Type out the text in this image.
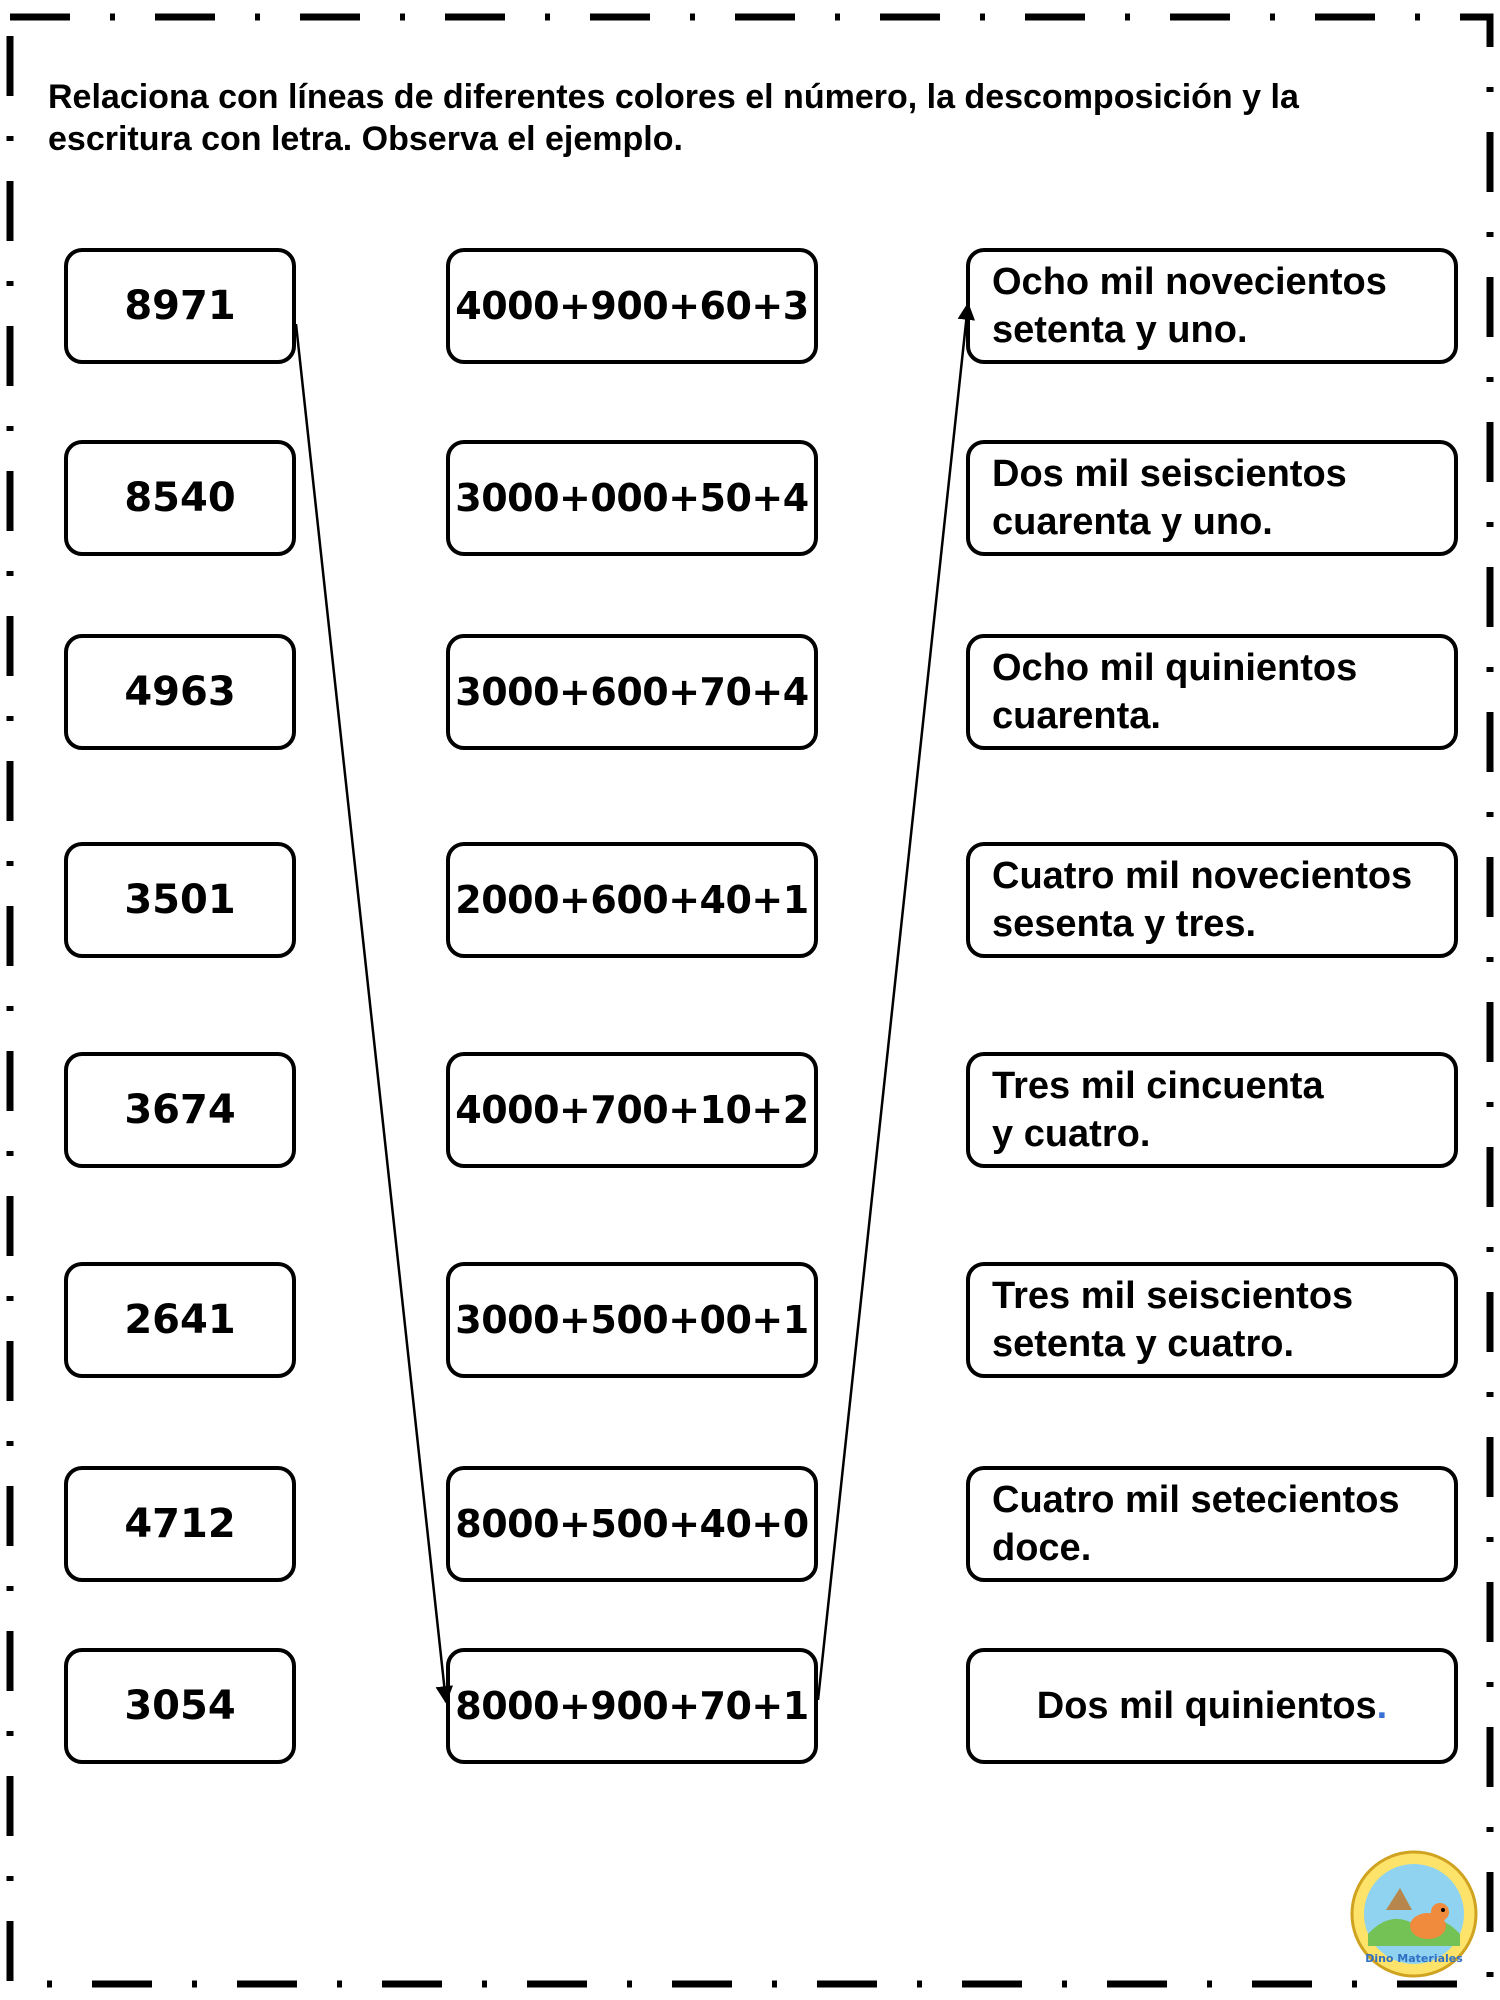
Relaciona con líneas de diferentes colores el número, la descomposición y la escritura con letra. Observa el ejemplo.

8971
8540
4963
3501
3674
2641
4712
3054
4000+900+60+3
3000+000+50+4
3000+600+70+4
2000+600+40+1
4000+700+10+2
3000+500+00+1
8000+500+40+0
8000+900+70+1
Ocho mil novecientos
setenta y uno.
Dos mil seiscientos
cuarenta y uno.
Ocho mil quinientos
cuarenta.
Cuatro mil novecientos
sesenta y tres.
Tres mil cincuenta
y cuatro.
Tres mil seiscientos
setenta y cuatro.
Cuatro mil setecientos
doce.
Dos mil quinientos.
Dino Materiales
